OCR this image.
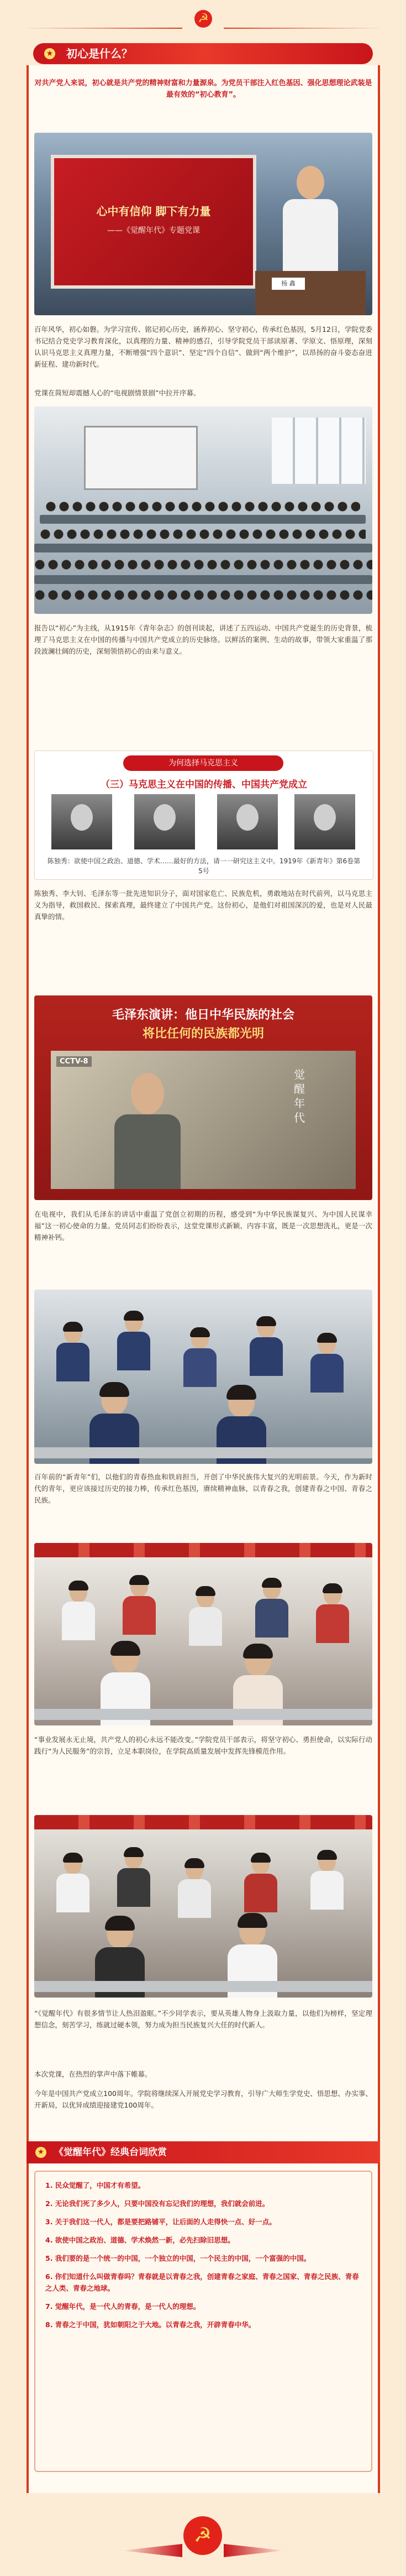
☭
★ 初心是什么？
对共产党人来说，初心就是共产党的精神财富和力量源泉。为党员干部注入红色基因、强化思想理论武装是最有效的“初心教育”。
心中有信仰 脚下有力量
——《觉醒年代》专题党课
杨 鑫
百年风华，初心如磐。为学习宣传、铭记初心历史，涵养初心、坚守初心，传承红色基因，5月12日，学院党委书记结合党史学习教育深化，以真理的力量、精神的感召，引导学院党员干部读原著、学原文、悟原理，深刻认识马克思主义真理力量，不断增强“四个意识”、坚定“四个自信”、做到“两个维护”，以昂扬的奋斗姿态奋进新征程、建功新时代。
党课在简短却震撼人心的“电视剧情景剧”中拉开序幕。
报告以“初心”为主线，从1915年《青年杂志》的创刊谈起，讲述了五四运动、中国共产党诞生的历史背景，梳理了马克思主义在中国的传播与中国共产党成立的历史脉络。以鲜活的案例、生动的故事，带领大家重温了那段波澜壮阔的历史，深刻领悟初心的由来与意义。
为何选择马克思主义
（三）马克思主义在中国的传播、中国共产党成立
陈独秀：欲使中国之政治、道德、学术……最好的方法，请一一研究这主义中。1919年《新青年》第6卷第5号
陈独秀、李大钊、毛泽东等一批先进知识分子，面对国家危亡、民族危机，勇敢地站在时代前列，以马克思主义为指导，救国救民、探索真理，最终建立了中国共产党。这份初心，是他们对祖国深沉的爱，也是对人民最真挚的情。
毛泽东演讲：他日中华民族的社会
将比任何的民族都光明
CCTV-8
觉醒年代
在电视中，我们从毛泽东的讲话中重温了党创立初期的历程，感受到“为中华民族谋复兴、为中国人民谋幸福”这一初心使命的力量。党员同志们纷纷表示，这堂党课形式新颖、内容丰富，既是一次思想洗礼，更是一次精神补钙。
百年前的“新青年”们，以他们的青春热血和铁肩担当，开创了中华民族伟大复兴的光明前景。今天，作为新时代的青年，更应该接过历史的接力棒，传承红色基因，赓续精神血脉，以青春之我，创建青春之中国、青春之民族。
“事业发展永无止境，共产党人的初心永远不能改变。”学院党员干部表示，将坚守初心、勇担使命，以实际行动践行“为人民服务”的宗旨，立足本职岗位，在学院高质量发展中发挥先锋模范作用。
“《觉醒年代》有很多情节让人热泪盈眶。”不少同学表示，要从英雄人物身上汲取力量，以他们为榜样，坚定理想信念，刻苦学习，练就过硬本领，努力成为担当民族复兴大任的时代新人。
本次党课，在热烈的掌声中落下帷幕。
今年是中国共产党成立100周年。学院将继续深入开展党史学习教育，引导广大师生学党史、悟思想、办实事、开新局，以优异成绩迎接建党100周年。
★ 《觉醒年代》经典台词欣赏
1. 民众觉醒了，中国才有希望。
2. 无论我们死了多少人，只要中国没有忘记我们的理想，我们就会前进。
3. 关于我们这一代人，都是要把路铺平，让后面的人走得快一点、好一点。
4. 欲使中国之政治、道德、学术焕然一新，必先扫除旧思想。
5. 我们要的是一个统一的中国，一个独立的中国，一个民主的中国，一个富强的中国。
6. 你们知道什么叫做青春吗？青春就是以青春之我，创建青春之家庭、青春之国家、青春之民族、青春之人类、青春之地球。
7. 觉醒年代，是一代人的青春，是一代人的理想。
8. 青春之于中国，犹如朝阳之于大地。以青春之我，开辟青春中华。
☭
